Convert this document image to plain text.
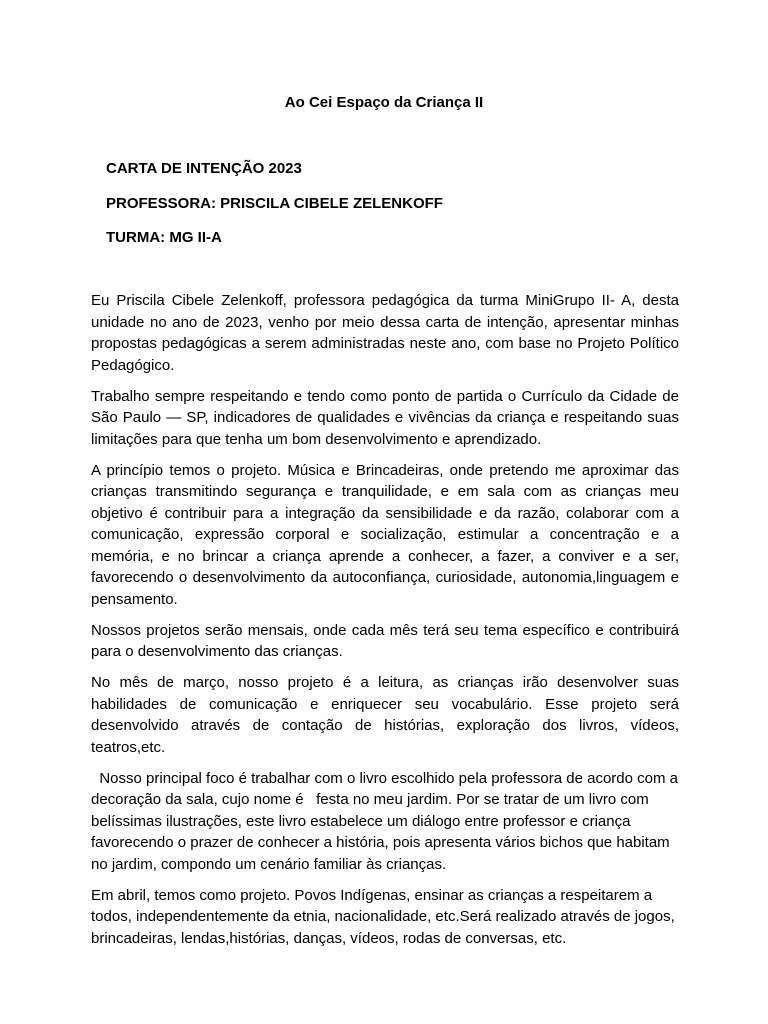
Ao Cei Espaço da Criança II
CARTA DE INTENÇÃO 2023
PROFESSORA: PRISCILA CIBELE ZELENKOFF
TURMA: MG II-A

Eu Priscila Cibele Zelenkoff, professora pedagógica da turma MiniGrupo II- A, desta unidade no ano de 2023, venho por meio dessa carta de intenção, apresentar minhas propostas pedagógicas a serem administradas neste ano, com base no Projeto Político Pedagógico.

Trabalho sempre respeitando e tendo como ponto de partida o Currículo da Cidade de São Paulo — SP, indicadores de qualidades e vivências da criança e respeitando suas limitações para que tenha um bom desenvolvimento e aprendizado.

A princípio temos o projeto. Música e Brincadeiras, onde pretendo me aproximar das crianças transmitindo segurança e tranquilidade, e em sala com as crianças meu objetivo é contribuir para a integração da sensibilidade e da razão, colaborar com a comunicação, expressão corporal e socialização, estimular a concentração e a memória, e no brincar a criança aprende a conhecer, a fazer, a conviver e a ser, favorecendo o desenvolvimento da autoconfiança, curiosidade, autonomia,linguagem e pensamento.

Nossos projetos serão mensais, onde cada mês terá seu tema específico e contribuirá para o desenvolvimento das crianças.

No mês de março, nosso projeto é a leitura, as crianças irão desenvolver suas habilidades de comunicação e enriquecer seu vocabulário. Esse projeto será desenvolvido através de contação de histórias, exploração dos livros, vídeos, teatros,etc.

Nosso principal foco é trabalhar com o livro escolhido pela professora de acordo com a decoração da sala, cujo nome é   festa no meu jardim. Por se tratar de um livro com belíssimas ilustrações, este livro estabelece um diálogo entre professor e criança favorecendo o prazer de conhecer a história, pois apresenta vários bichos que habitam no jardim, compondo um cenário familiar às crianças.

Em abril, temos como projeto. Povos Indígenas, ensinar as crianças a respeitarem a todos, independentemente da etnia, nacionalidade, etc.Será realizado através de jogos, brincadeiras, lendas,histórias, danças, vídeos, rodas de conversas, etc.
